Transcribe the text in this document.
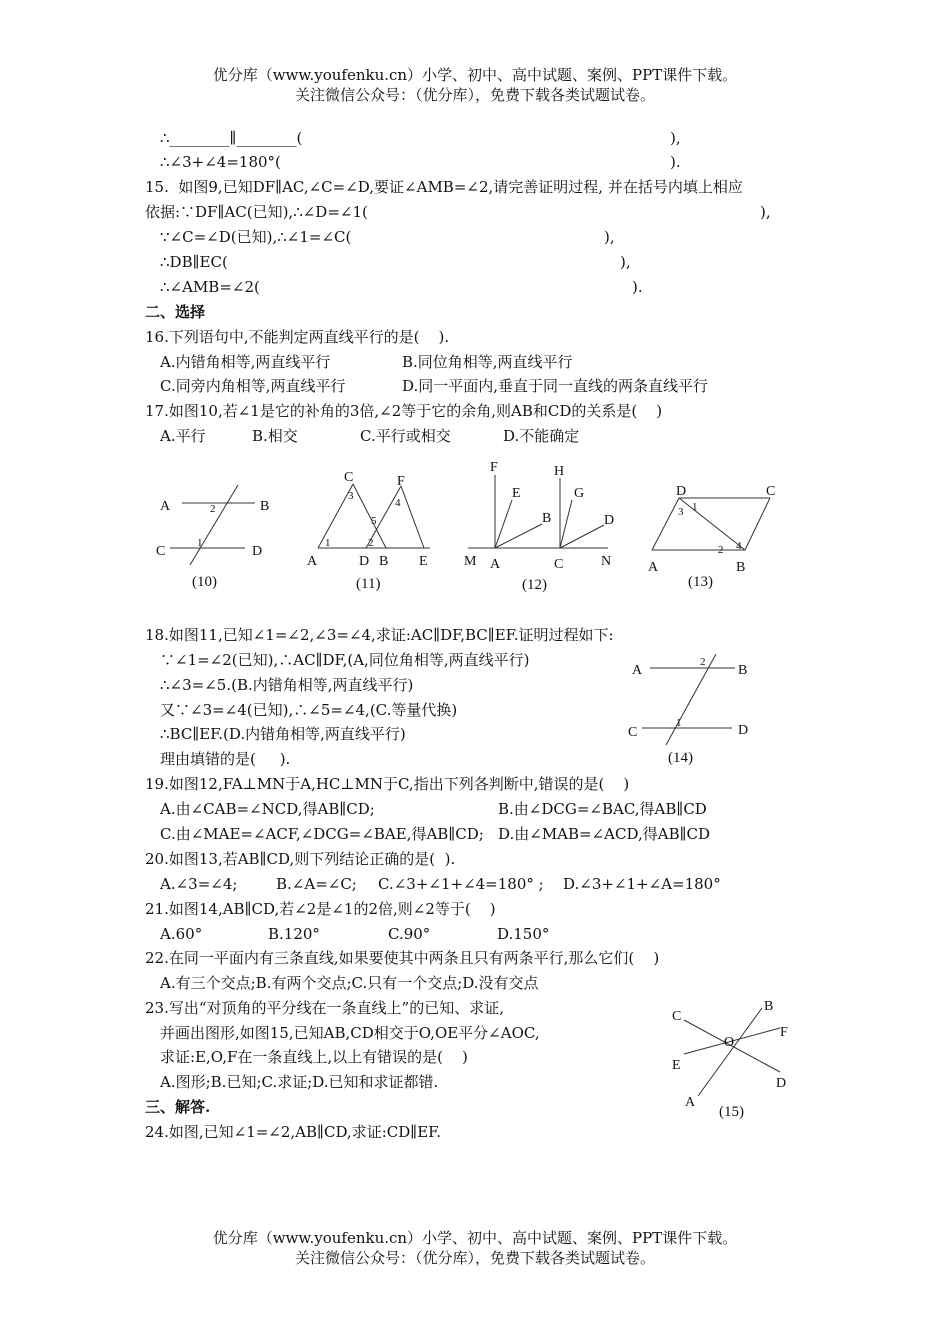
优分库（www.youfenku.cn）小学、初中、高中试题、案例、PPT课件下载。
关注微信公众号：（优分库），免费下载各类试题试卷。
∴________∥________(	),
∴∠3+∠4=180°(	).
15.  如图9,已知DF∥AC,∠C=∠D,要证∠AMB=∠2,请完善证明过程, 并在括号内填上相应
依据:∵DF∥AC(已知),∴∠D=∠1(	),
∵∠C=∠D(已知),∴∠1=∠C(	),
∴DB∥EC(	),
∴∠AMB=∠2(	).
二、选择
16.下列语句中,不能判定两直线平行的是(    ).
A.内错角相等,两直线平行	B.同位角相等,两直线平行
C.同旁内角相等,两直线平行	D.同一平面内,垂直于同一直线的两条直线平行
17.如图10,若∠1是它的补角的3倍,∠2等于它的余角,则AB和CD的关系是(    )
A.平行	B.相交	C.平行或相交	D.不能确定
A	B
C	D
2
1
(10)
C	F
A	D B E
3
4
5
1	2
(11)
F
E
B
H
G
D
M A	C	N
(12)
D	C
A	B
3 1
2 4
(13)
18.如图11,已知∠1=∠2,∠3=∠4,求证:AC∥DF,BC∥EF.证明过程如下:
∵∠1=∠2(已知),∴AC∥DF,(A,同位角相等,两直线平行)
∴∠3=∠5.(B.内错角相等,两直线平行)
又∵∠3=∠4(已知),∴∠5=∠4,(C.等量代换)
∴BC∥EF.(D.内错角相等,两直线平行)
理由填错的是(     ).
A	B
C	D
2
1
(14)
19.如图12,FA⊥MN于A,HC⊥MN于C,指出下列各判断中,错误的是(    )
A.由∠CAB=∠NCD,得AB∥CD;	B.由∠DCG=∠BAC,得AB∥CD
C.由∠MAE=∠ACF,∠DCG=∠BAE,得AB∥CD; D.由∠MAB=∠ACD,得AB∥CD
20.如图13,若AB∥CD,则下列结论正确的是(  ).
A.∠3=∠4;	B.∠A=∠C; C.∠3+∠1+∠4=180° ; D.∠3+∠1+∠A=180°
21.如图14,AB∥CD,若∠2是∠1的2倍,则∠2等于(    )
A.60°	B.120°	C.90°	D.150°
22.在同一平面内有三条直线,如果要使其中两条且只有两条平行,那么它们(    )
A.有三个交点;B.有两个交点;C.只有一个交点;D.没有交点
23.写出“对顶角的平分线在一条直线上”的已知、求证,
并画出图形,如图15,已知AB,CD相交于O,OE平分∠AOC,
求证:E,O,F在一条直线上,以上有错误的是(    )
A.图形;B.已知;C.求证;D.已知和求证都错.
B
C
F
O
E
D
A
(15)
三、解答.
24.如图,已知∠1=∠2,AB∥CD,求证:CD∥EF.
优分库（www.youfenku.cn）小学、初中、高中试题、案例、PPT课件下载。
关注微信公众号：（优分库），免费下载各类试题试卷。
